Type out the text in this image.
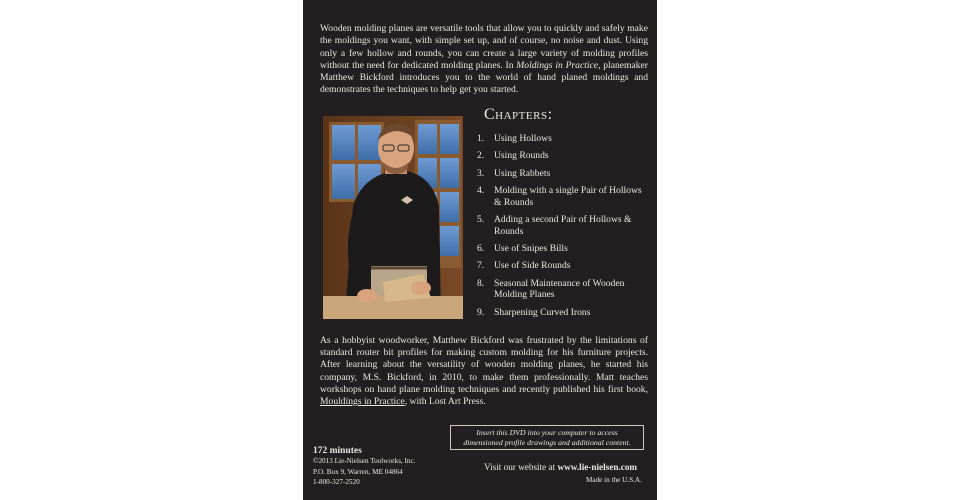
Wooden molding planes are versatile tools that allow you to quickly and safely make the moldings you want, with simple set up, and of course, no noise and dust. Using only a few hollow and rounds, you can create a large variety of molding profiles without the need for dedicated molding planes. In Moldings in Practice, planemaker Matthew Bickford introduces you to the world of hand planed moldings and demonstrates the techniques to help get you started.

Chapters:
1. Using Hollows
2. Using Rounds
3. Using Rabbets
4. Molding with a single Pair of Hollows & Rounds
5. Adding a second Pair of Hollows & Rounds
6. Use of Snipes Bills
7. Use of Side Rounds
8. Seasonal Maintenance of Wooden Molding Planes
9. Sharpening Curved Irons

As a hobbyist woodworker, Matthew Bickford was frustrated by the limitations of standard router bit profiles for making custom molding for his furniture projects. After learning about the versatility of wooden molding planes, he started his company, M.S. Bickford, in 2010, to make them professionally. Matt teaches workshops on hand plane molding techniques and recently published his first book, Mouldings in Practice, with Lost Art Press.

172 minutes
©2013 Lie-Nielsen Toolworks, Inc.
P.O. Box 9, Warren, ME 04864
1-800-327-2520
Insert this DVD into your computer to access
dimensioned profile drawings and additional content.
Visit our website at www.lie-nielsen.com
Made in the U.S.A.
